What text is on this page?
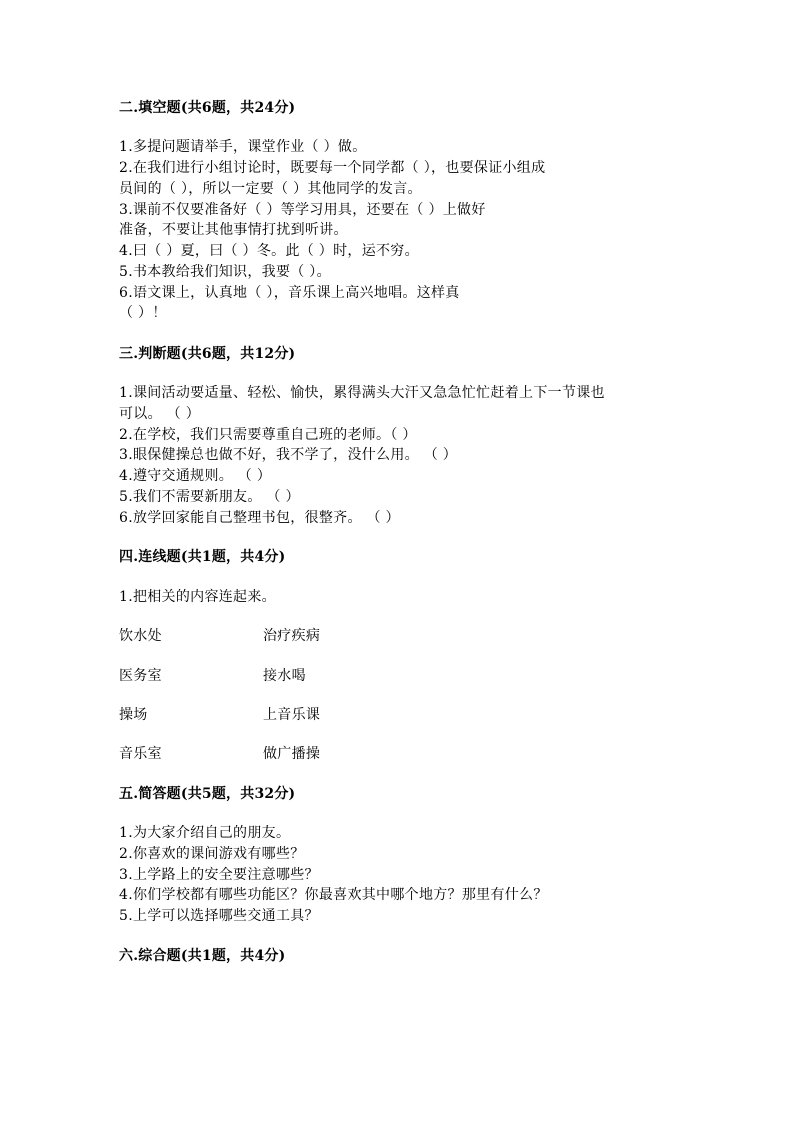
二.填空题(共6题，共24分)
1.多提问题请举手，课堂作业（ ）做。
2.在我们进行小组讨论时，既要每一个同学都（ ），也要保证小组成
员间的（ ），所以一定要（ ）其他同学的发言。
3.课前不仅要准备好（ ）等学习用具，还要在（ ）上做好
准备，不要让其他事情打扰到听讲。
4.曰（ ）夏，曰（ ）冬。此（ ）时，运不穷。
5.书本教给我们知识，我要（ ）。
6.语文课上，认真地（ ），音乐课上高兴地唱。这样真
（ ）！
三.判断题(共6题，共12分)
1.课间活动要适量、轻松、愉快，累得满头大汗又急急忙忙赶着上下一节课也
可以。 （ ）
2.在学校，我们只需要尊重自己班的老师。（ ）
3.眼保健操总也做不好，我不学了，没什么用。 （ ）
4.遵守交通规则。 （ ）
5.我们不需要新朋友。 （ ）
6.放学回家能自己整理书包，很整齐。 （ ）
四.连线题(共1题，共4分)
1.把相关的内容连起来。
饮水处	治疗疾病
医务室	接水喝
操场	上音乐课
音乐室	做广播操
五.简答题(共5题，共32分)
1.为大家介绍自己的朋友。
2.你喜欢的课间游戏有哪些？
3.上学路上的安全要注意哪些？
4.你们学校都有哪些功能区？你最喜欢其中哪个地方？那里有什么？
5.上学可以选择哪些交通工具？
六.综合题(共1题，共4分)
